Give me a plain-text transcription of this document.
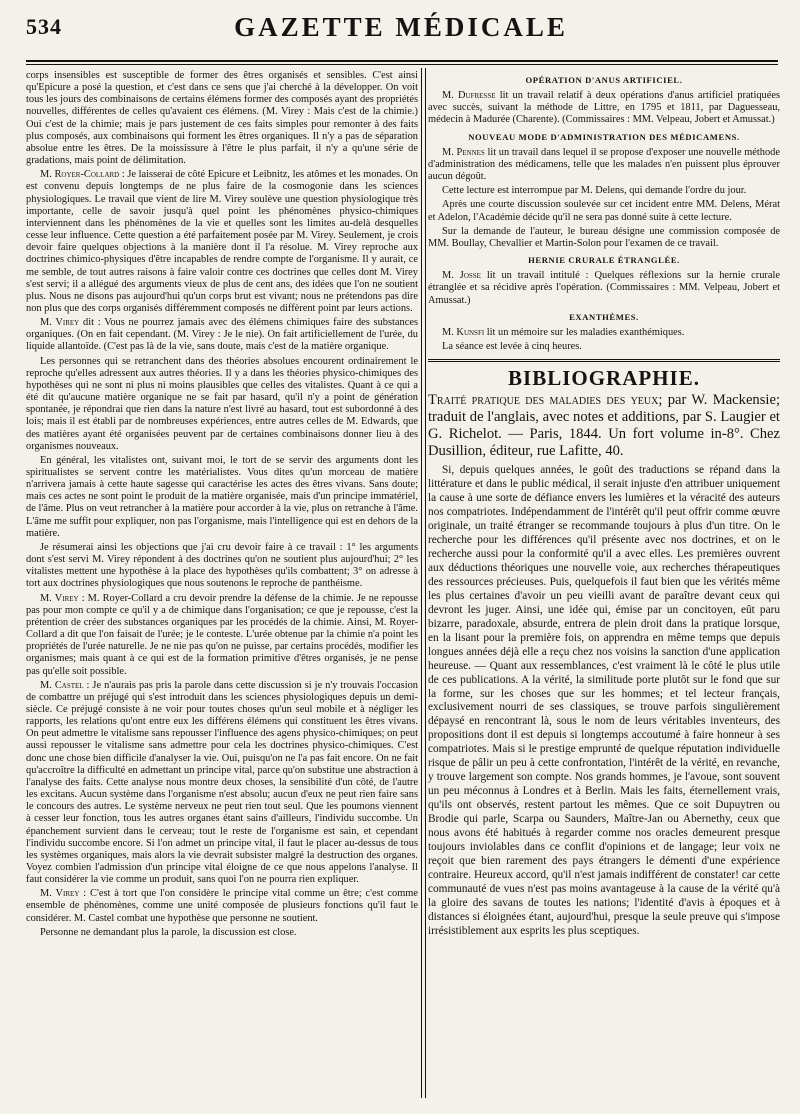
534	GAZETTE MÉDICALE

corps insensibles est susceptible de former des êtres organisés et sensibles. C'est ainsi qu'Epicure a posé la question, et c'est dans ce sens que j'ai cherché à la développer. On voit tous les jours des combinaisons de certains élémens former des composés ayant des propriétés nouvelles, différentes de celles qu'avaient ces élémens. (M. Virey : Mais c'est de la chimie.) Oui c'est de la chimie; mais je pars justement de ces faits simples pour remonter à des faits plus composés, aux combinaisons qui forment les êtres organiques. Il n'y a pas de séparation absolue entre les êtres. De la moississure à l'être le plus parfait, il n'y a qu'une série de gradations, mais point de délimitation.

M. Royer-Collard : Je laisserai de côté Epicure et Leibnitz, les atômes et les monades. On est convenu depuis longtemps de ne plus faire de la cosmogonie dans les sciences physiologiques. Le travail que vient de lire M. Virey soulève une question physiologique très importante, celle de savoir jusqu'à quel point les phénomènes physico-chimiques interviennent dans les phénomènes de la vie et quelles sont les limites au-delà desquelles cesse leur influence. Cette question a été parfaitement posée par M. Virey. Seulement, je crois devoir faire quelques objections à la manière dont il l'a résolue. M. Virey reproche aux doctrines chimico-physiques d'être incapables de rendre compte de l'organisme. Il y aurait, ce me semble, de tout autres raisons à faire valoir contre ces doctrines que celles dont M. Virey s'est servi; il a allégué des arguments vieux de plus de cent ans, des idées que l'on ne soutient plus. Nous ne disons pas aujourd'hui qu'un corps brut est vivant; nous ne prétendons pas dire non plus que des corps organisés différemment composés ne diffèrent point par leurs actions.

M. Virey dit : Vous ne pourrez jamais avec des élémens chimiques faire des substances organiques. (On en fait cependant. (M. Virey : Je le nie). On fait artificiellement de l'urée, du liquide allantoïde. (C'est pas là de la vie, sans doute, mais c'est de la matière organique.

Les personnes qui se retranchent dans des théories absolues encourent ordinairement le reproche qu'elles adressent aux autres théories. Il y a dans les théories physico-chimiques des hypothèses qui ne sont ni plus ni moins plausibles que celles des vitalistes. Quant à ce qui a été dit qu'aucune matière organique ne se fait par hasard, qu'il n'y a point de génération spontanée, je répondrai que rien dans la nature n'est livré au hasard, tout est subordonné à des lois; mais il est établi par de nombreuses expériences, entre autres celles de M. Edwards, que des matières ayant été organisées peuvent par de certaines combinaisons donner lieu à des organismes nouveaux.

En général, les vitalistes ont, suivant moi, le tort de se servir des arguments dont les spiritualistes se servent contre les matérialistes. Vous dites qu'un morceau de matière n'arrivera jamais à cette haute sagesse qui caractérise les actes des êtres vivans. Sans doute; mais ces actes ne sont point le produit de la matière organisée, mais d'un principe immatériel, de l'âme. Plus on veut retrancher à la matière pour accorder à la vie, plus on retranche à l'âme. L'âme me suffit pour expliquer, non pas l'organisme, mais l'intelligence qui est en dehors de la matière.

Je résumerai ainsi les objections que j'ai cru devoir faire à ce travail : 1° les arguments dont s'est servi M. Virey répondent à des doctrines qu'on ne soutient plus aujourd'hui; 2° les vitalistes mettent une hypothèse à la place des hypothèses qu'ils combattent; 3° on adresse à tort aux doctrines physiologiques que nous soutenons le reproche de panthéisme.

M. Virey : M. Royer-Collard a cru devoir prendre la défense de la chimie. Je ne repousse pas pour mon compte ce qu'il y a de chimique dans l'organisation; ce que je repousse, c'est la prétention de créer des substances organiques par les procédés de la chimie. Ainsi, M. Royer-Collard a dit que l'on faisait de l'urée; je le conteste. L'urée obtenue par la chimie n'a point les propriétés de l'urée naturelle. Je ne nie pas qu'on ne puisse, par certains procédés, modifier les organismes; mais quant à ce qui est de la formation primitive d'êtres organisés, je ne pense pas qu'elle soit possible.

M. Castel : Je n'aurais pas pris la parole dans cette discussion si je n'y trouvais l'occasion de combattre un préjugé qui s'est introduit dans les sciences physiologiques depuis un demi-siècle. Ce préjugé consiste à ne voir pour toutes choses qu'un seul mobile et à négliger les rapports, les relations qu'ont entre eux les différens élémens qui constituent les êtres vivans. On peut admettre le vitalisme sans repousser l'influence des agens physico-chimiques; on peut aussi repousser le vitalisme sans admettre pour cela les doctrines physico-chimiques. C'est donc une chose bien difficile d'analyser la vie. Oui, puisqu'on ne l'a pas fait encore. On ne fait qu'accroître la difficulté en admettant un principe vital, parce qu'on substitue une abstraction à l'analyse des faits. Cette analyse nous montre deux choses, la sensibilité d'un côté, de l'autre les excitans. Aucun système dans l'organisme n'est absolu; aucun d'eux ne peut rien faire sans le concours des autres. Le système nerveux ne peut rien tout seul. Que les poumons viennent à cesser leur fonction, tous les autres organes étant sains d'ailleurs, l'individu succombe. Un épanchement survient dans le cerveau; tout le reste de l'organisme est sain, et cependant l'individu succombe encore. Si l'on admet un principe vital, il faut le placer au-dessus de tous les systèmes organiques, mais alors la vie devrait subsister malgré la destruction des organes. Voyez combien l'admission d'un principe vital éloigne de ce que nous appelons l'analyse. Il faut considérer la vie comme un produit, sans quoi l'on ne pourra rien expliquer.

M. Virey : C'est à tort que l'on considère le principe vital comme un être; c'est comme ensemble de phénomènes, comme une unité composée de plusieurs fonctions qu'il faut le considérer. M. Castel combat une hypothèse que personne ne soutient.

Personne ne demandant plus la parole, la discussion est close.

OPÉRATION D'ANUS ARTIFICIEL.

M. Dufresse lit un travail relatif à deux opérations d'anus artificiel pratiquées avec succès, suivant la méthode de Littre, en 1795 et 1811, par Daguesseau, médecin à Madurée (Charente). (Commissaires : MM. Velpeau, Jobert et Amussat.)

NOUVEAU MODE D'ADMINISTRATION DES MÉDICAMENS.

M. Pennes lit un travail dans lequel il se propose d'exposer une nouvelle méthode d'administration des médicamens, telle que les malades n'en puissent plus éprouver aucun dégoût.

Cette lecture est interrompue par M. Delens, qui demande l'ordre du jour.

Après une courte discussion soulevée sur cet incident entre MM. Delens, Mérat et Adelon, l'Académie décide qu'il ne sera pas donné suite à cette lecture.

Sur la demande de l'auteur, le bureau désigne une commission composée de MM. Boullay, Chevallier et Martin-Solon pour l'examen de ce travail.

HERNIE CRURALE ÉTRANGLÉE.

M. Josse lit un travail intitulé : Quelques réflexions sur la hernie crurale étranglée et sa récidive après l'opération. (Commissaires : MM. Velpeau, Jobert et Amussat.)

EXANTHÈMES.

M. Kunsfi lit un mémoire sur les maladies exanthémiques.

La séance est levée à cinq heures.

BIBLIOGRAPHIE.

Traité pratique des maladies des yeux; par W. Mackensie; traduit de l'anglais, avec notes et additions, par S. Laugier et G. Richelot. — Paris, 1844. Un fort volume in-8°. Chez Dusillion, éditeur, rue Lafitte, 40.

Si, depuis quelques années, le goût des traductions se répand dans la littérature et dans le public médical, il serait injuste d'en attribuer uniquement la cause à une sorte de défiance envers les lumières et la véracité des auteurs nos compatriotes. Indépendamment de l'intérêt qu'il peut offrir comme œuvre originale, un traité étranger se recommande toujours à plus d'un titre. On le recherche pour les différences qu'il présente avec nos doctrines, et on le recherche aussi pour la conformité qu'il a avec elles. Les premières ouvrent aux déductions théoriques une nouvelle voie, aux recherches thérapeutiques des ressources précieuses. Puis, quelquefois il faut bien que les vérités même les plus certaines d'avoir un peu vieilli avant de paraître devant ceux qui devront les juger. Ainsi, une idée qui, émise par un concitoyen, eût paru bizarre, paradoxale, absurde, entrera de plein droit dans la pratique lorsque, en la lisant pour la première fois, on apprendra en même temps que depuis longues années déjà elle a reçu chez nos voisins la sanction d'une application heureuse. — Quant aux ressemblances, c'est vraiment là le côté le plus utile de ces publications. A la vérité, la similitude porte plutôt sur le fond que sur la forme, sur les choses que sur les hommes; et tel lecteur français, exclusivement nourri de ses classiques, se trouve parfois singulièrement dépaysé en rencontrant là, sous le nom de leurs véritables inventeurs, des propositions dont il est depuis si longtemps accoutumé à faire honneur à ses compatriotes. Mais si le prestige emprunté de quelque réputation individuelle risque de pâlir un peu à cette confrontation, l'intérêt de la vérité, en revanche, y trouve largement son compte. Nos grands hommes, je l'avoue, sont souvent un peu méconnus à Londres et à Berlin. Mais les faits, éternellement vrais, qu'ils ont observés, restent partout les mêmes. Que ce soit Dupuytren ou Brodie qui parle, Scarpa ou Saunders, Maître-Jan ou Abernethy, ceux que nous avons été habitués à regarder comme nos oracles demeurent presque toujours inviolables dans ce conflit d'opinions et de langage; leur voix ne reçoit que bien rarement des pays étrangers le démenti d'une expérience contraire. Heureux accord, qu'il n'est jamais indifférent de constater! car cette communauté de vues n'est pas moins avantageuse à la cause de la vérité qu'à la gloire des savans de toutes les nations; l'identité d'avis à époques et à distances si éloignées étant, aujourd'hui, presque la seule preuve qui s'impose irrésistiblement aux esprits les plus sceptiques.
